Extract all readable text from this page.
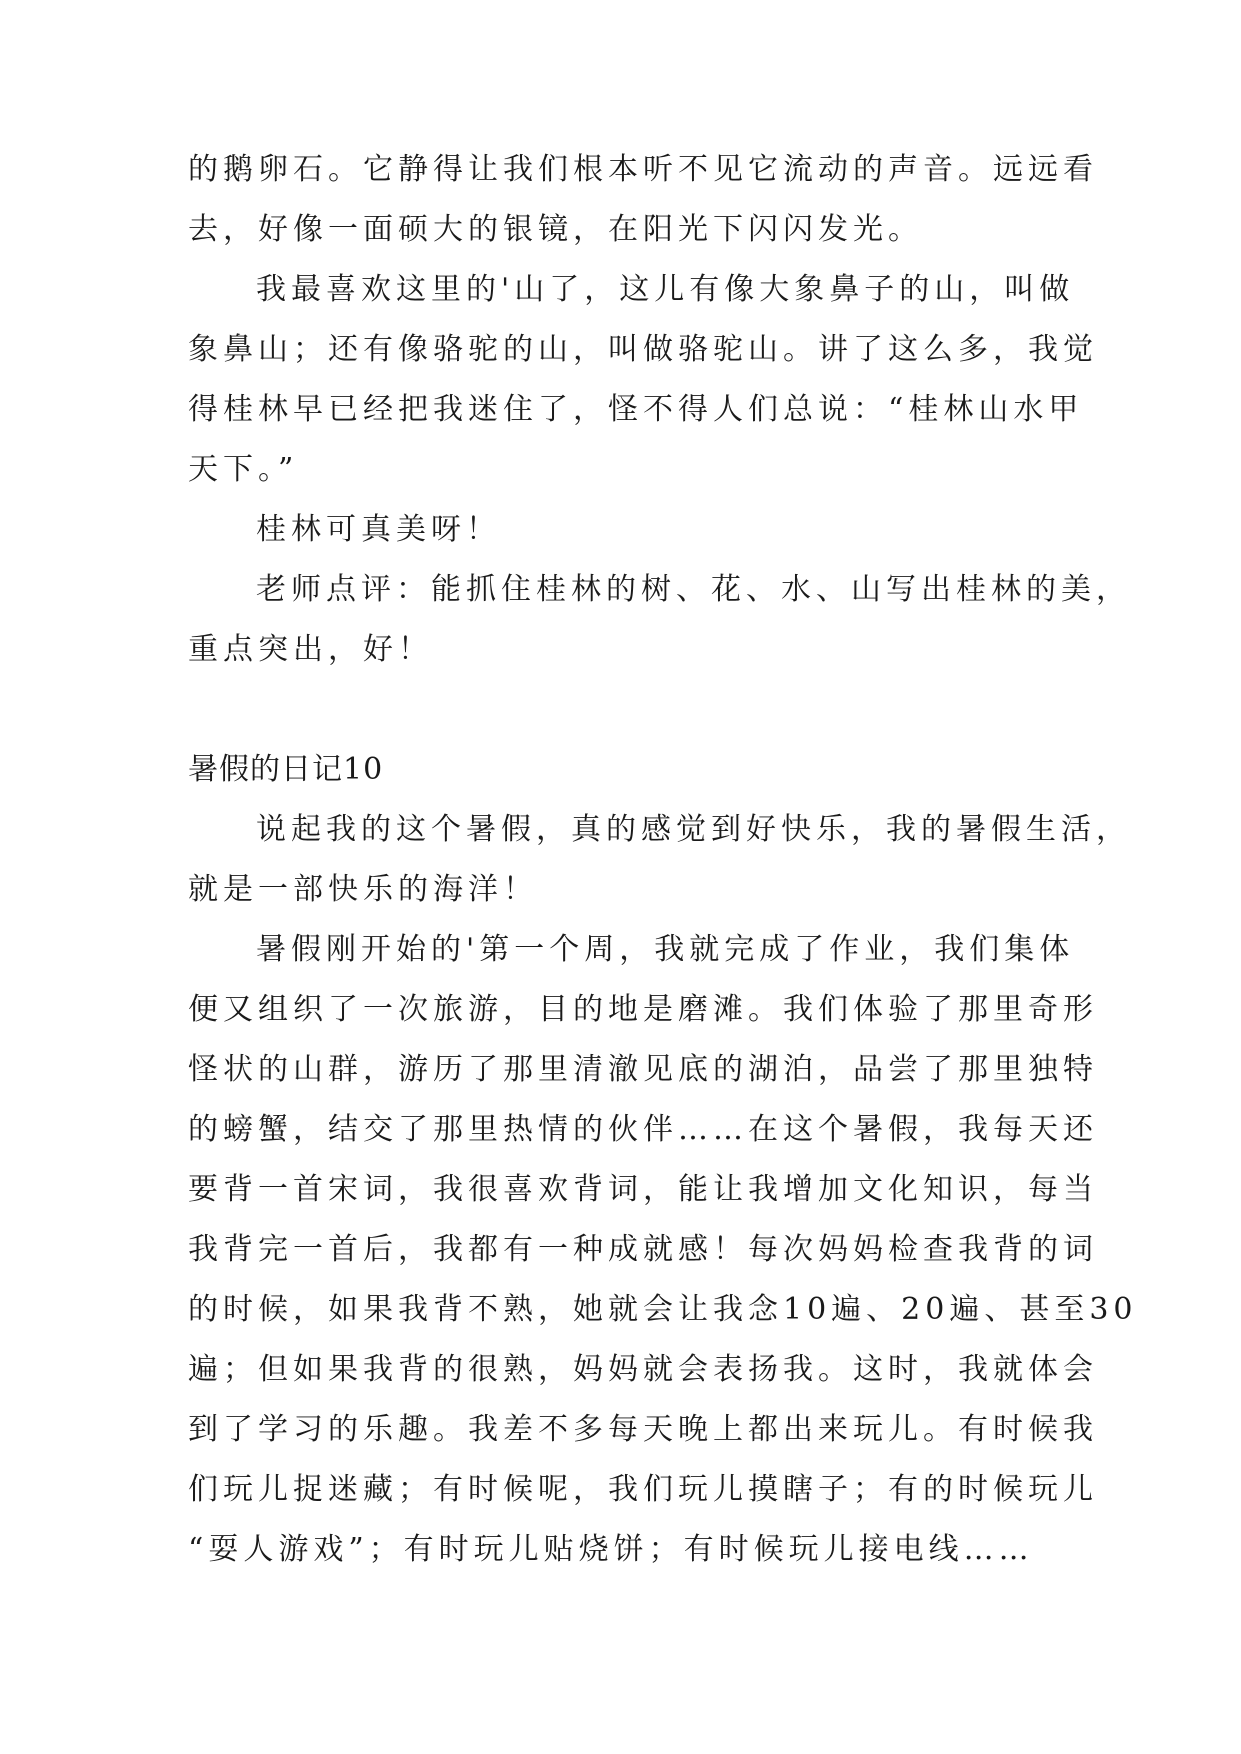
的鹅卵石。它静得让我们根本听不见它流动的声音。远远看
去，好像一面硕大的银镜，在阳光下闪闪发光。
我最喜欢这里的'山了，这儿有像大象鼻子的山，叫做
象鼻山；还有像骆驼的山，叫做骆驼山。讲了这么多，我觉
得桂林早已经把我迷住了，怪不得人们总说：“桂林山水甲
天下。”
桂林可真美呀！
老师点评：能抓住桂林的树、花、水、山写出桂林的美，
重点突出，好！
暑假的日记10
说起我的这个暑假，真的感觉到好快乐，我的暑假生活，
就是一部快乐的海洋！
暑假刚开始的'第一个周，我就完成了作业，我们集体
便又组织了一次旅游，目的地是磨滩。我们体验了那里奇形
怪状的山群，游历了那里清澈见底的湖泊，品尝了那里独特
的螃蟹，结交了那里热情的伙伴……在这个暑假，我每天还
要背一首宋词，我很喜欢背词，能让我增加文化知识，每当
我背完一首后，我都有一种成就感！每次妈妈检查我背的词
的时候，如果我背不熟，她就会让我念10遍、20遍、甚至30
遍；但如果我背的很熟，妈妈就会表扬我。这时，我就体会
到了学习的乐趣。我差不多每天晚上都出来玩儿。有时候我
们玩儿捉迷藏；有时候呢，我们玩儿摸瞎子；有的时候玩儿
“耍人游戏”；有时玩儿贴烧饼；有时候玩儿接电线……
